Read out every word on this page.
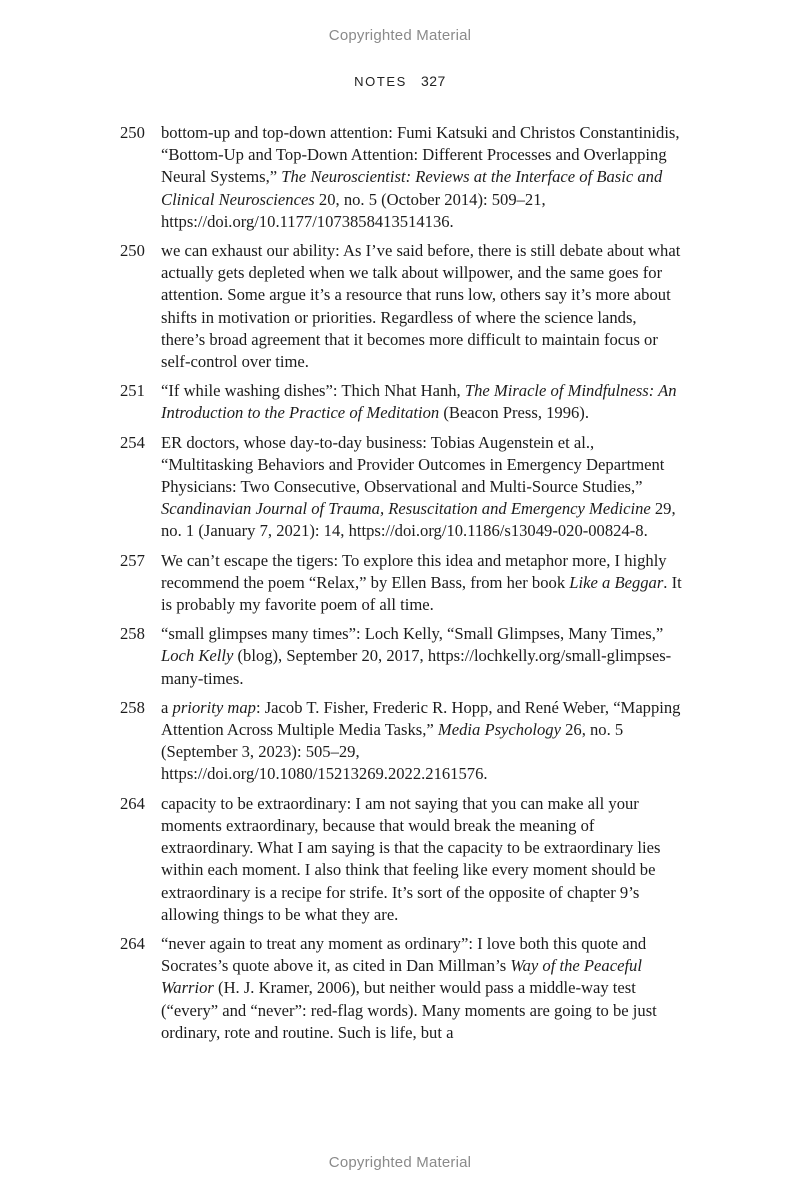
Copyrighted Material
NOTES 327
250 bottom-up and top-down attention: Fumi Katsuki and Christos Constantinidis, “Bottom-Up and Top-Down Attention: Different Processes and Overlapping Neural Systems,” The Neuroscientist: Reviews at the Interface of Basic and Clinical Neurosciences 20, no. 5 (October 2014): 509–21, https://doi.org/10.1177/1073858413514136.
250 we can exhaust our ability: As I’ve said before, there is still debate about what actually gets depleted when we talk about willpower, and the same goes for attention. Some argue it’s a resource that runs low, others say it’s more about shifts in motivation or priorities. Regardless of where the science lands, there’s broad agreement that it becomes more difficult to maintain focus or self-control over time.
251 “If while washing dishes”: Thich Nhat Hanh, The Miracle of Mindfulness: An Introduction to the Practice of Meditation (Beacon Press, 1996).
254 ER doctors, whose day-to-day business: Tobias Augenstein et al., “Multitasking Behaviors and Provider Outcomes in Emergency Department Physicians: Two Consecutive, Observational and Multi-Source Studies,” Scandinavian Journal of Trauma, Resuscitation and Emergency Medicine 29, no. 1 (January 7, 2021): 14, https://doi.org/10.1186/s13049-020-00824-8.
257 We can’t escape the tigers: To explore this idea and metaphor more, I highly recommend the poem “Relax,” by Ellen Bass, from her book Like a Beggar. It is probably my favorite poem of all time.
258 “small glimpses many times”: Loch Kelly, “Small Glimpses, Many Times,” Loch Kelly (blog), September 20, 2017, https://lochkelly.org/small-glimpses-many-times.
258 a priority map: Jacob T. Fisher, Frederic R. Hopp, and René Weber, “Mapping Attention Across Multiple Media Tasks,” Media Psychology 26, no. 5 (September 3, 2023): 505–29, https://doi.org/10.1080/15213269.2022.2161576.
264 capacity to be extraordinary: I am not saying that you can make all your moments extraordinary, because that would break the meaning of extraordinary. What I am saying is that the capacity to be extraordinary lies within each moment. I also think that feeling like every moment should be extraordinary is a recipe for strife. It’s sort of the opposite of chapter 9’s allowing things to be what they are.
264 “never again to treat any moment as ordinary”: I love both this quote and Socrates’s quote above it, as cited in Dan Millman’s Way of the Peaceful Warrior (H. J. Kramer, 2006), but neither would pass a middle-way test (“every” and “never”: red-flag words). Many moments are going to be just ordinary, rote and routine. Such is life, but a
Copyrighted Material
